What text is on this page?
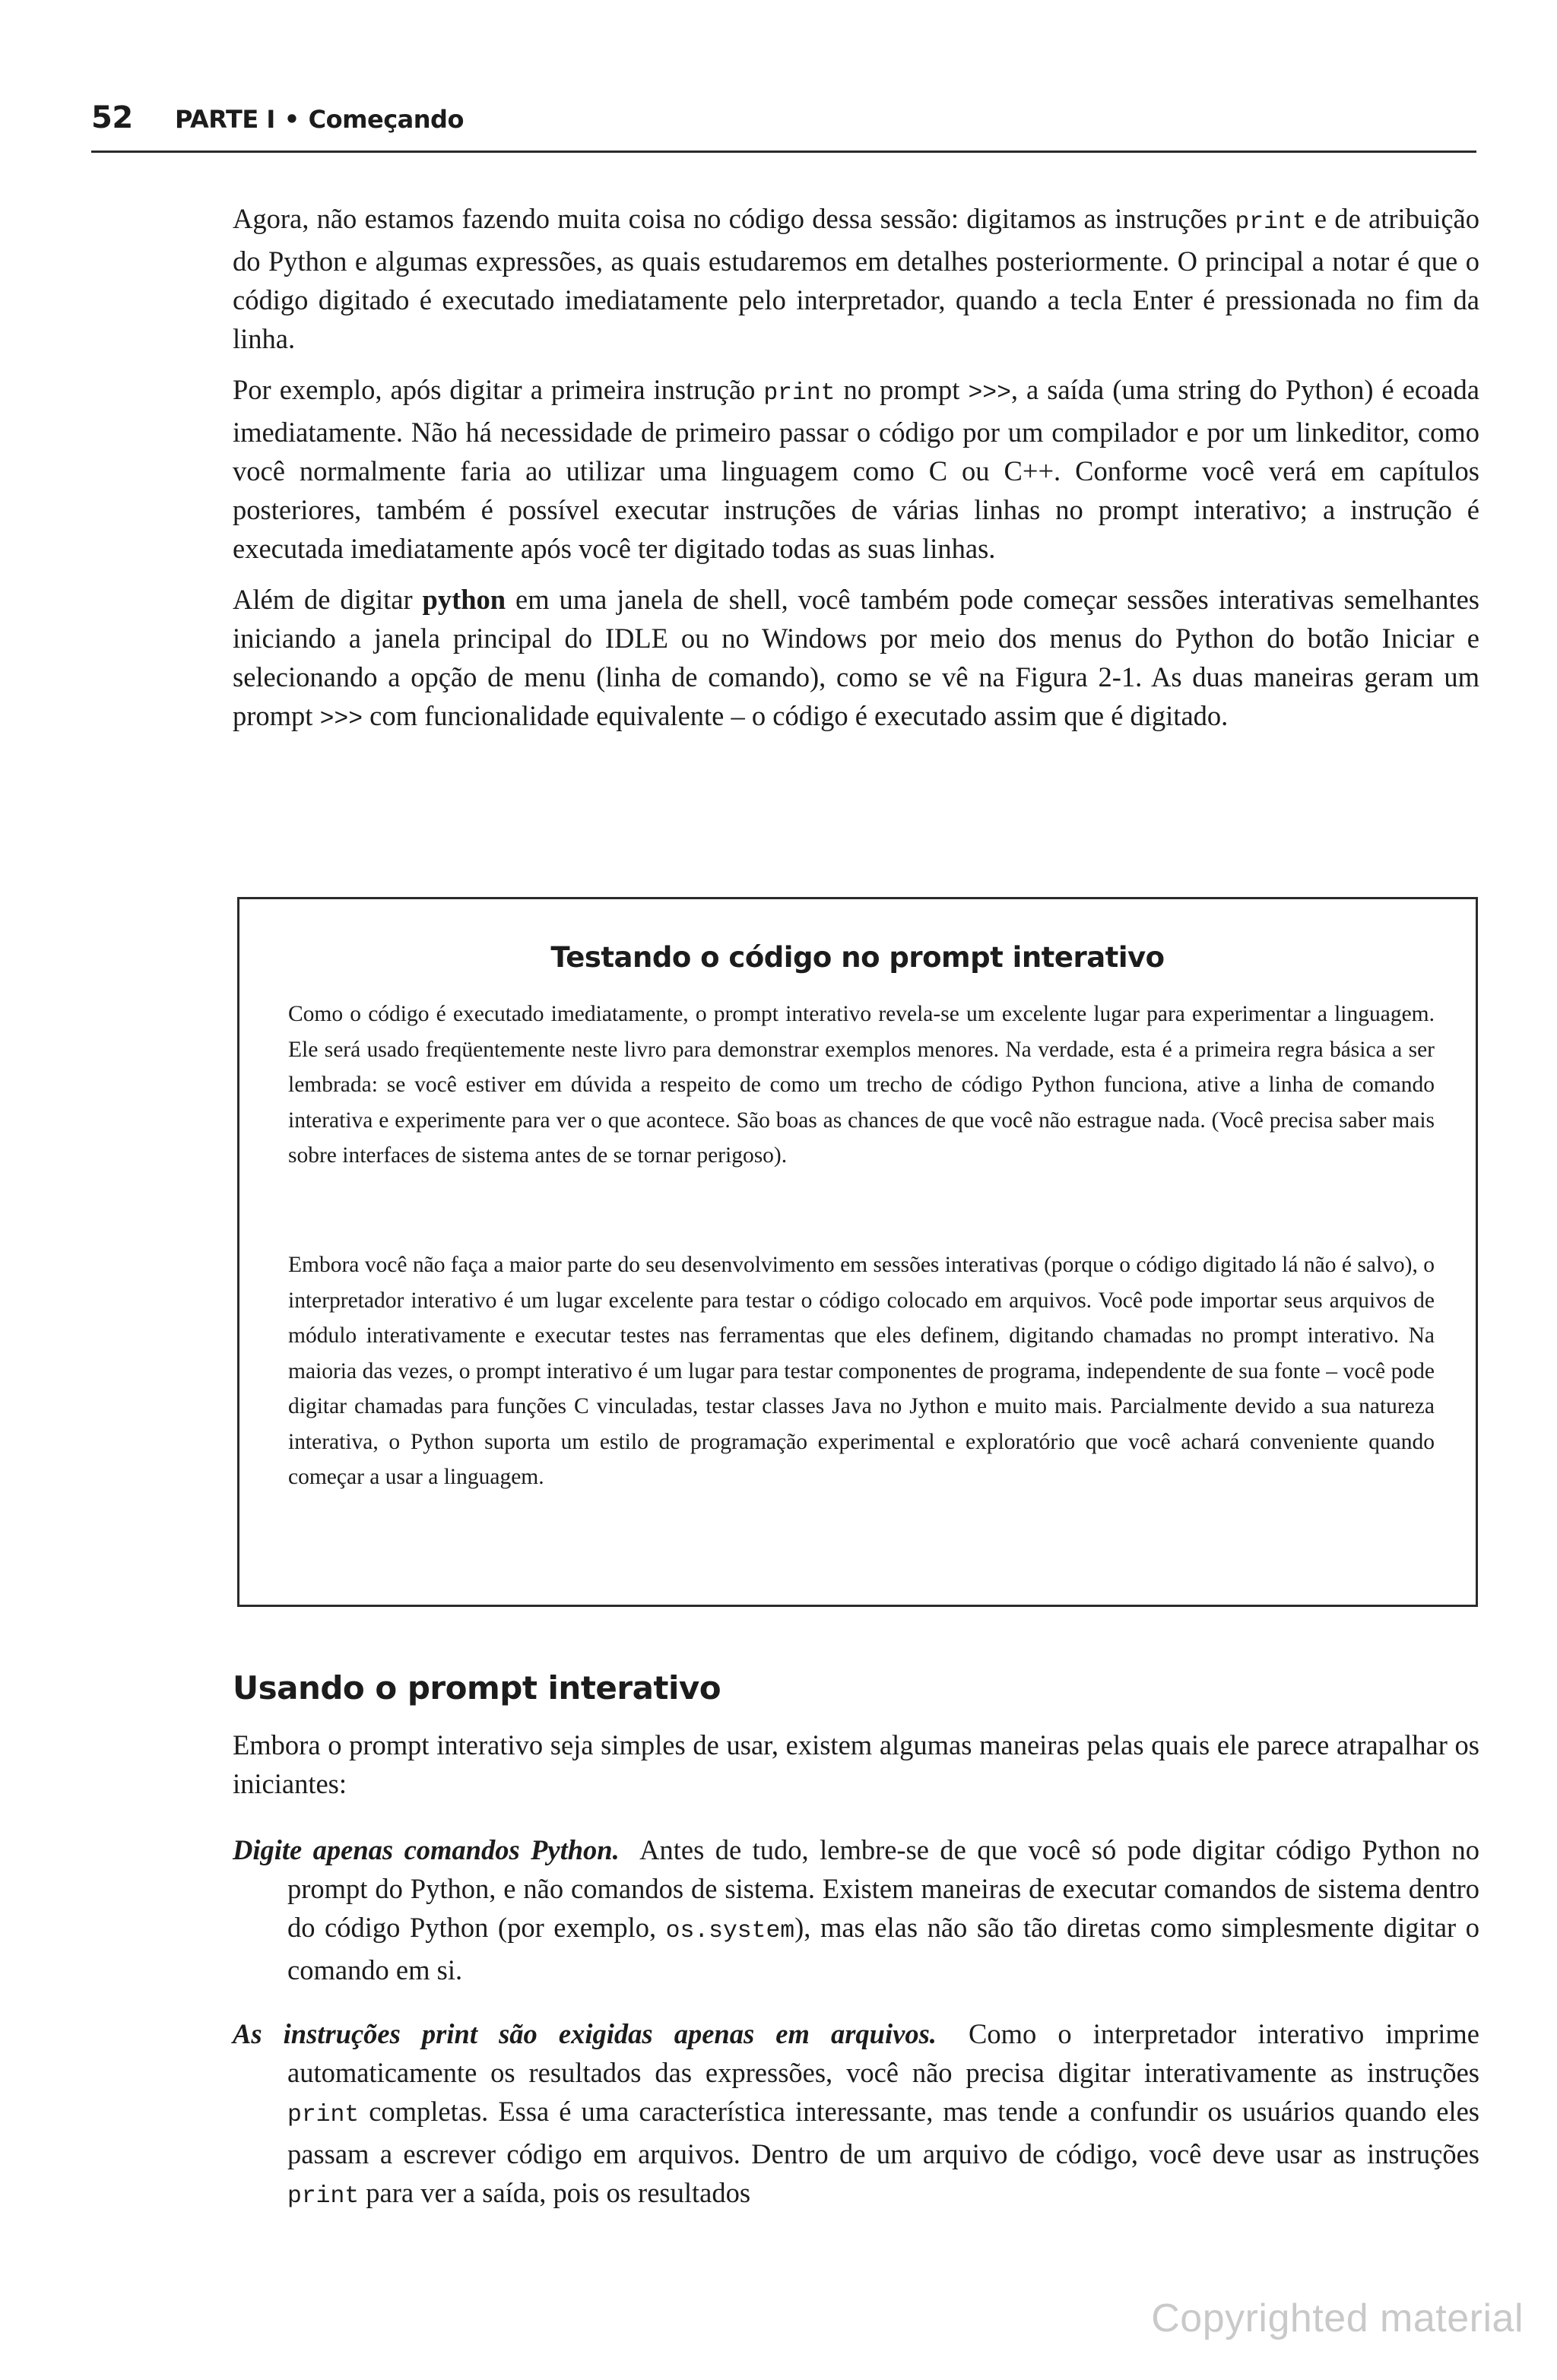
52 PARTE I • Começando

Agora, não estamos fazendo muita coisa no código dessa sessão: digitamos as instruções print e de atribuição do Python e algumas expressões, as quais estudaremos em detalhes posteriormente. O principal a notar é que o código digitado é executado imediatamente pelo interpretador, quando a tecla Enter é pressionada no fim da linha.

Por exemplo, após digitar a primeira instrução print no prompt >>>, a saída (uma string do Python) é ecoada imediatamente. Não há necessidade de primeiro passar o código por um compilador e por um linkeditor, como você normalmente faria ao utilizar uma linguagem como C ou C++. Conforme você verá em capítulos posteriores, também é possível executar instruções de várias linhas no prompt interativo; a instrução é executada imediatamente após você ter digitado todas as suas linhas.

Além de digitar python em uma janela de shell, você também pode começar sessões interativas semelhantes iniciando a janela principal do IDLE ou no Windows por meio dos menus do Python do botão Iniciar e selecionando a opção de menu (linha de comando), como se vê na Figura 2-1. As duas maneiras geram um prompt >>> com funcionalidade equivalente – o código é executado assim que é digitado.

Testando o código no prompt interativo

Como o código é executado imediatamente, o prompt interativo revela-se um excelente lugar para experimentar a linguagem. Ele será usado freqüentemente neste livro para demonstrar exemplos menores. Na verdade, esta é a primeira regra básica a ser lembrada: se você estiver em dúvida a respeito de como um trecho de código Python funciona, ative a linha de comando interativa e experimente para ver o que acontece. São boas as chances de que você não estrague nada. (Você precisa saber mais sobre interfaces de sistema antes de se tornar perigoso).

Embora você não faça a maior parte do seu desenvolvimento em sessões interativas (porque o código digitado lá não é salvo), o interpretador interativo é um lugar excelente para testar o código colocado em arquivos. Você pode importar seus arquivos de módulo interativamente e executar testes nas ferramentas que eles definem, digitando chamadas no prompt interativo. Na maioria das vezes, o prompt interativo é um lugar para testar componentes de programa, independente de sua fonte – você pode digitar chamadas para funções C vinculadas, testar classes Java no Jython e muito mais. Parcialmente devido a sua natureza interativa, o Python suporta um estilo de programação experimental e exploratório que você achará conveniente quando começar a usar a linguagem.

Usando o prompt interativo
Embora o prompt interativo seja simples de usar, existem algumas maneiras pelas quais ele parece atrapalhar os iniciantes:
Digite apenas comandos Python. Antes de tudo, lembre-se de que você só pode digitar código Python no prompt do Python, e não comandos de sistema. Existem maneiras de executar comandos de sistema dentro do código Python (por exemplo, os.system), mas elas não são tão diretas como simplesmente digitar o comando em si.
As instruções print são exigidas apenas em arquivos. Como o interpretador interativo imprime automaticamente os resultados das expressões, você não precisa digitar interativamente as instruções print completas. Essa é uma característica interessante, mas tende a confundir os usuários quando eles passam a escrever código em arquivos. Dentro de um arquivo de código, você deve usar as instruções print para ver a saída, pois os resultados
Copyrighted material
